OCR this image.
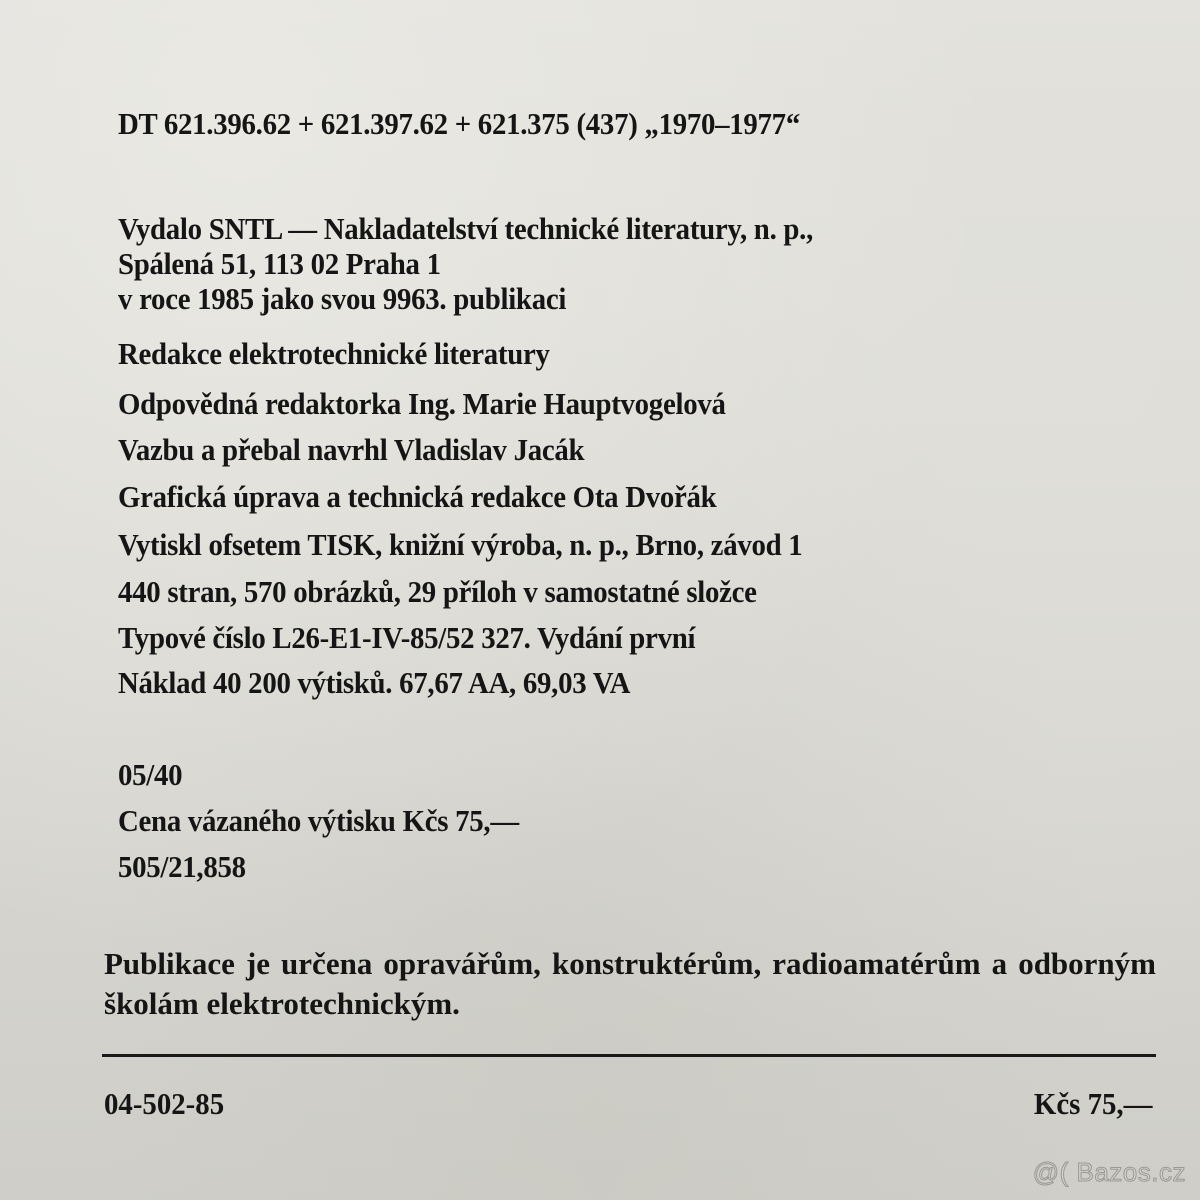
DT 621.396.62 + 621.397.62 + 621.375 (437) „1970–1977“
Vydalo SNTL — Nakladatelství technické literatury, n. p.,
Spálená 51, 113 02 Praha 1
v roce 1985 jako svou 9963. publikaci
Redakce elektrotechnické literatury
Odpovědná redaktorka Ing. Marie Hauptvogelová
Vazbu a přebal navrhl Vladislav Jacák
Grafická úprava a technická redakce Ota Dvořák
Vytiskl ofsetem TISK, knižní výroba, n. p., Brno, závod 1
440 stran, 570 obrázků, 29 příloh v samostatné složce
Typové číslo L26-E1-IV-85/52 327. Vydání první
Náklad 40 200 výtisků. 67,67 AA, 69,03 VA
05/40
Cena vázaného výtisku Kčs 75,—
505/21,858
Publikace je určena opravářům, konstruktérům, radioamatérům a odborným školám elektrotechnickým.
04-502-85	Kčs 75,—
@( Bazos.cz
